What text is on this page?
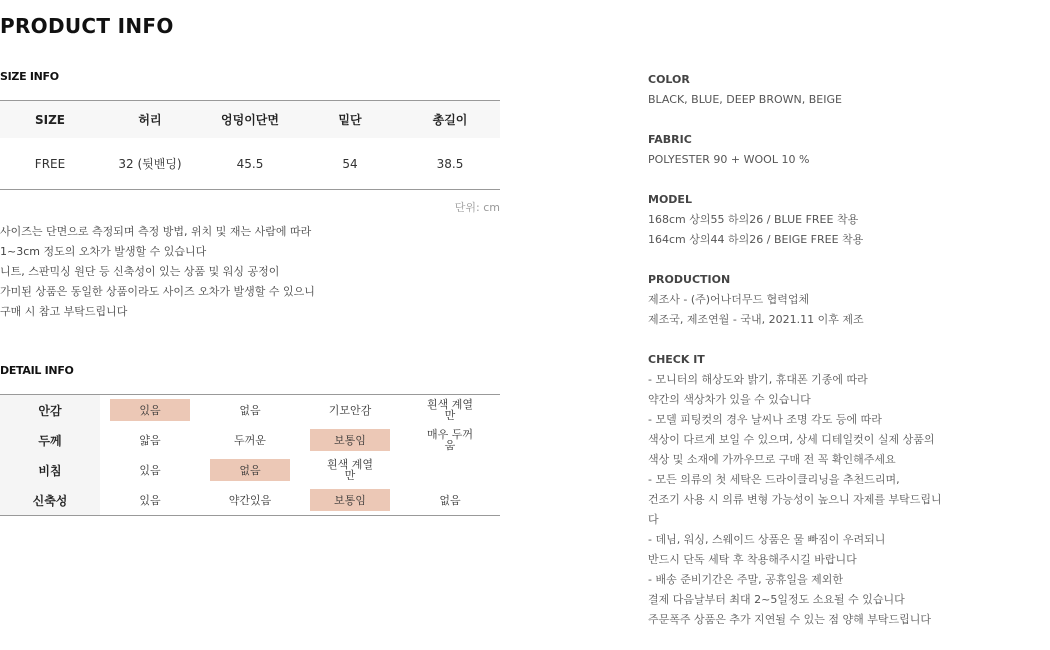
PRODUCT INFO
SIZE INFO
SIZE	허리	엉덩이단면	밑단	총길이
FREE	32 (뒷밴딩)	45.5	54	38.5
단위: cm
사이즈는 단면으로 측정되며 측정 방법, 위치 및 재는 사람에 따라
1~3cm 정도의 오차가 발생할 수 있습니다
니트, 스판믹싱 원단 등 신축성이 있는 상품 및 워싱 공정이
가미된 상품은 동일한 상품이라도 사이즈 오차가 발생할 수 있으니
구매 시 참고 부탁드립니다
DETAIL INFO
안감	있음	없음	기모안감	흰색 계열
만
두께	얇음	두꺼운	보통임	매우 두꺼
움
비침	있음	없음	흰색 계열
만
신축성	있음	약간있음	보통임	없음
COLOR
BLACK, BLUE, DEEP BROWN, BEIGE
FABRIC
POLYESTER 90 + WOOL 10 %
MODEL
168cm 상의55 하의26 / BLUE FREE 착용
164cm 상의44 하의26 / BEIGE FREE 착용
PRODUCTION
제조사 - (주)어나더무드 협력업체
제조국, 제조연월 - 국내, 2021.11 이후 제조
CHECK IT
- 모니터의 해상도와 밝기, 휴대폰 기종에 따라
약간의 색상차가 있을 수 있습니다
- 모델 피팅컷의 경우 날씨나 조명 각도 등에 따라
색상이 다르게 보일 수 있으며, 상세 디테일컷이 실제 상품의
색상 및 소재에 가까우므로 구매 전 꼭 확인해주세요
- 모든 의류의 첫 세탁은 드라이클리닝을 추천드리며,
건조기 사용 시 의류 변형 가능성이 높으니 자제를 부탁드립니
다
- 데님, 워싱, 스웨이드 상품은 물 빠짐이 우려되니
반드시 단독 세탁 후 착용해주시길 바랍니다
- 배송 준비기간은 주말, 공휴일을 제외한
결제 다음날부터 최대 2~5일정도 소요될 수 있습니다
주문폭주 상품은 추가 지연될 수 있는 점 양해 부탁드립니다
